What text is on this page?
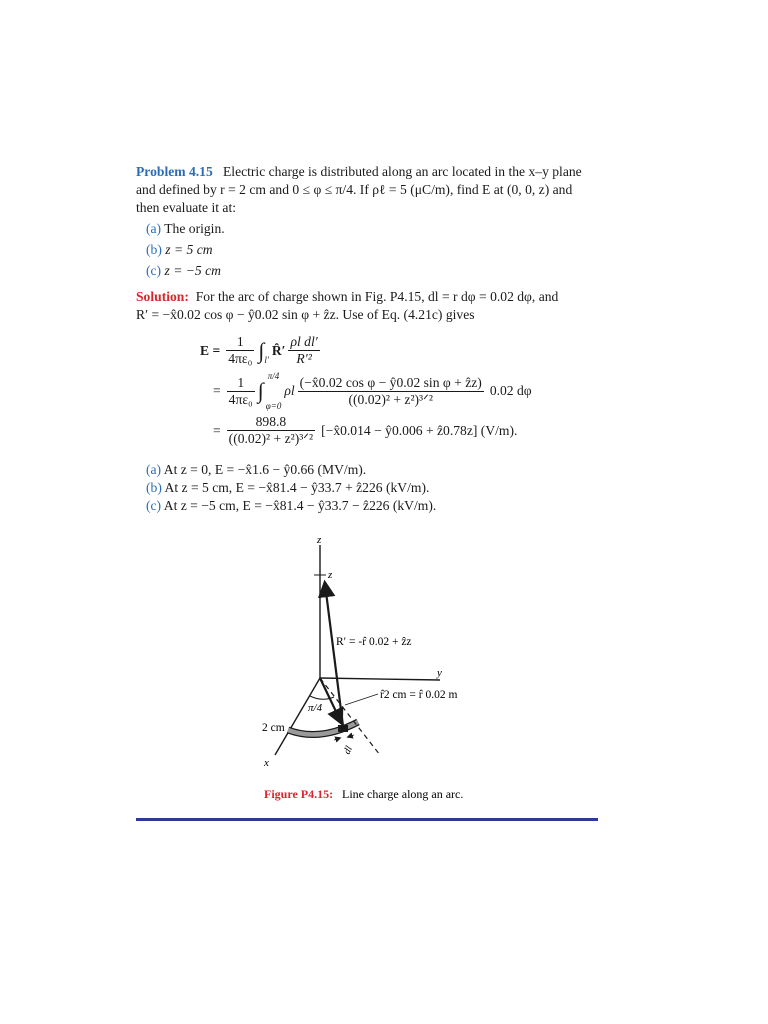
Problem 4.15 Electric charge is distributed along an arc located in the x–y plane
and defined by r = 2 cm and 0 ≤ φ ≤ π/4. If ρℓ = 5 (μC/m), find E at (0, 0, z) and
then evaluate it at:
(a) The origin.
(b) z = 5 cm
(c) z = −5 cm
Solution: For the arc of charge shown in Fig. P4.15, dl = r dφ = 0.02 dφ, and
R′ = −x̂0.02 cos φ − ŷ0.02 sin φ + ẑz. Use of Eq. (4.21c) gives
$E = \frac{1}{\text{4πε₀}}$ ∫ l′
R̂′ $\frac{\text{ρl dl′}}{\text{R′²}}$
= $\frac{1}{\text{4πε₀}} \pi/4$
∫
φ=0
ρl $\frac{\text{(−x̂0.02 cos φ − ŷ0.02 sin φ + ẑz)}}{\text{((0.02)² + z²)³ᐟ²}} 0.02$ dφ
= $\frac{898.8}{\text{((0.02)² + z²)³ᐟ²}}$ [−x̂0.014 − ŷ0.006 + ẑ0.78z] (V/m).
(a) At z = 0, E = −x̂1.6 − ŷ0.66 (MV/m).
(b) At z = 5 cm, E = −x̂81.4 − ŷ33.7 + ẑ226 (kV/m).
(c) At z = −5 cm, E = −x̂81.4 − ŷ33.7 − ẑ226 (kV/m).
z
z
y
x
R′ = -r̂ 0.02 + ẑz
r̂2 cm = r̂ 0.02 m
π/4
2 cm
dl
Figure P4.15: Line charge along an arc.
